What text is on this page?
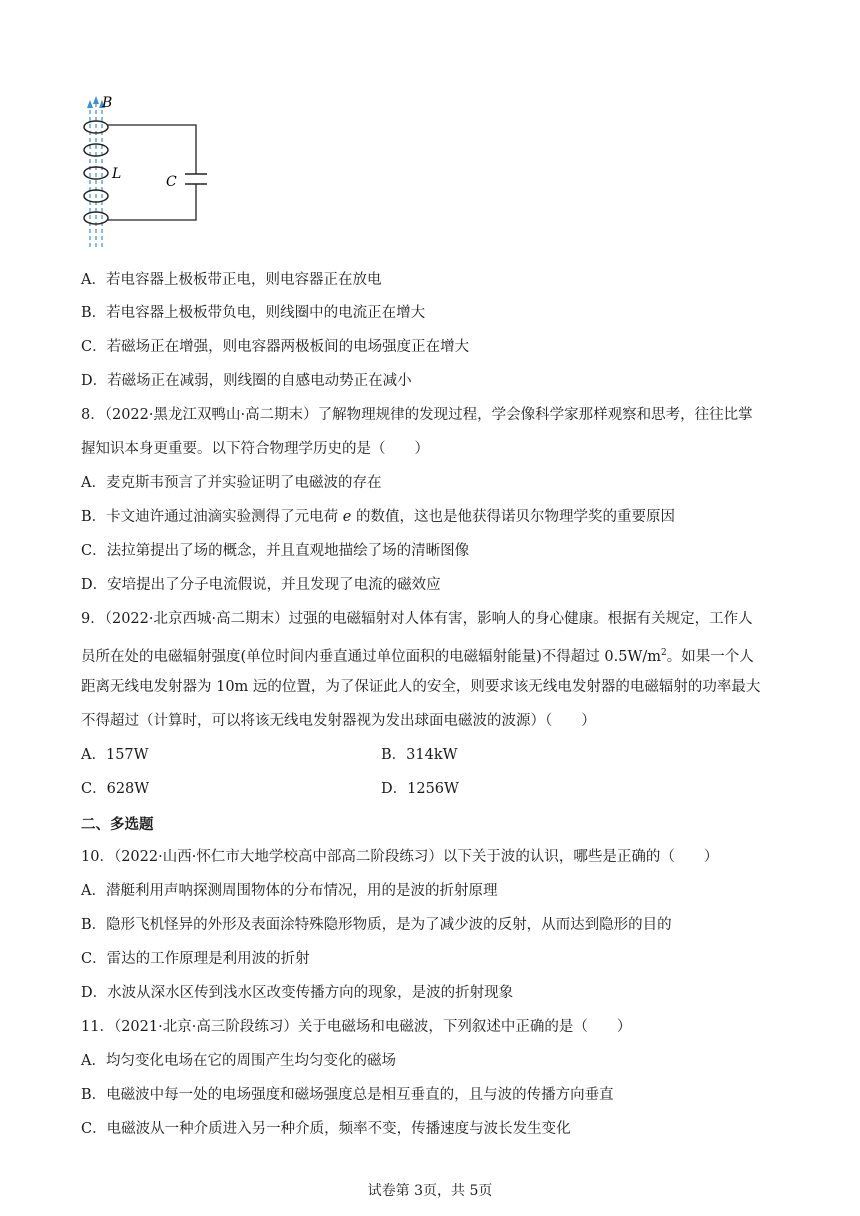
B
L	C
A．若电容器上极板带正电，则电容器正在放电
B．若电容器上极板带负电，则线圈中的电流正在增大
C．若磁场正在增强，则电容器两极板间的电场强度正在增大
D．若磁场正在减弱，则线圈的自感电动势正在减小
8．（2022·黑龙江双鸭山·高二期末）了解物理规律的发现过程，学会像科学家那样观察和思考，往往比掌
握知识本身更重要。以下符合物理学历史的是（　　）
A．麦克斯韦预言了并实验证明了电磁波的存在
B．卡文迪许通过油滴实验测得了元电荷 e 的数值，这也是他获得诺贝尔物理学奖的重要原因
C．法拉第提出了场的概念，并且直观地描绘了场的清晰图像
D．安培提出了分子电流假说，并且发现了电流的磁效应
9．（2022·北京西城·高二期末）过强的电磁辐射对人体有害，影响人的身心健康。根据有关规定，工作人
员所在处的电磁辐射强度(单位时间内垂直通过单位面积的电磁辐射能量)不得超过 $0.5W/m^2$。如果一个人
距离无线电发射器为 10m 远的位置，为了保证此人的安全，则要求该无线电发射器的电磁辐射的功率最大
不得超过（计算时，可以将该无线电发射器视为发出球面电磁波的波源）（　　）
A．157W	B．314kW
C．628W	D．1256W
二、多选题
10．（2022·山西·怀仁市大地学校高中部高二阶段练习）以下关于波的认识，哪些是正确的（　　）
A．潜艇利用声呐探测周围物体的分布情况，用的是波的折射原理
B．隐形飞机怪异的外形及表面涂特殊隐形物质，是为了减少波的反射，从而达到隐形的目的
C．雷达的工作原理是利用波的折射
D．水波从深水区传到浅水区改变传播方向的现象，是波的折射现象
11．（2021·北京·高三阶段练习）关于电磁场和电磁波，下列叙述中正确的是（　　）
A．均匀变化电场在它的周围产生均匀变化的磁场
B．电磁波中每一处的电场强度和磁场强度总是相互垂直的，且与波的传播方向垂直
C．电磁波从一种介质进入另一种介质，频率不变，传播速度与波长发生变化
试卷第 3页，共 5页
